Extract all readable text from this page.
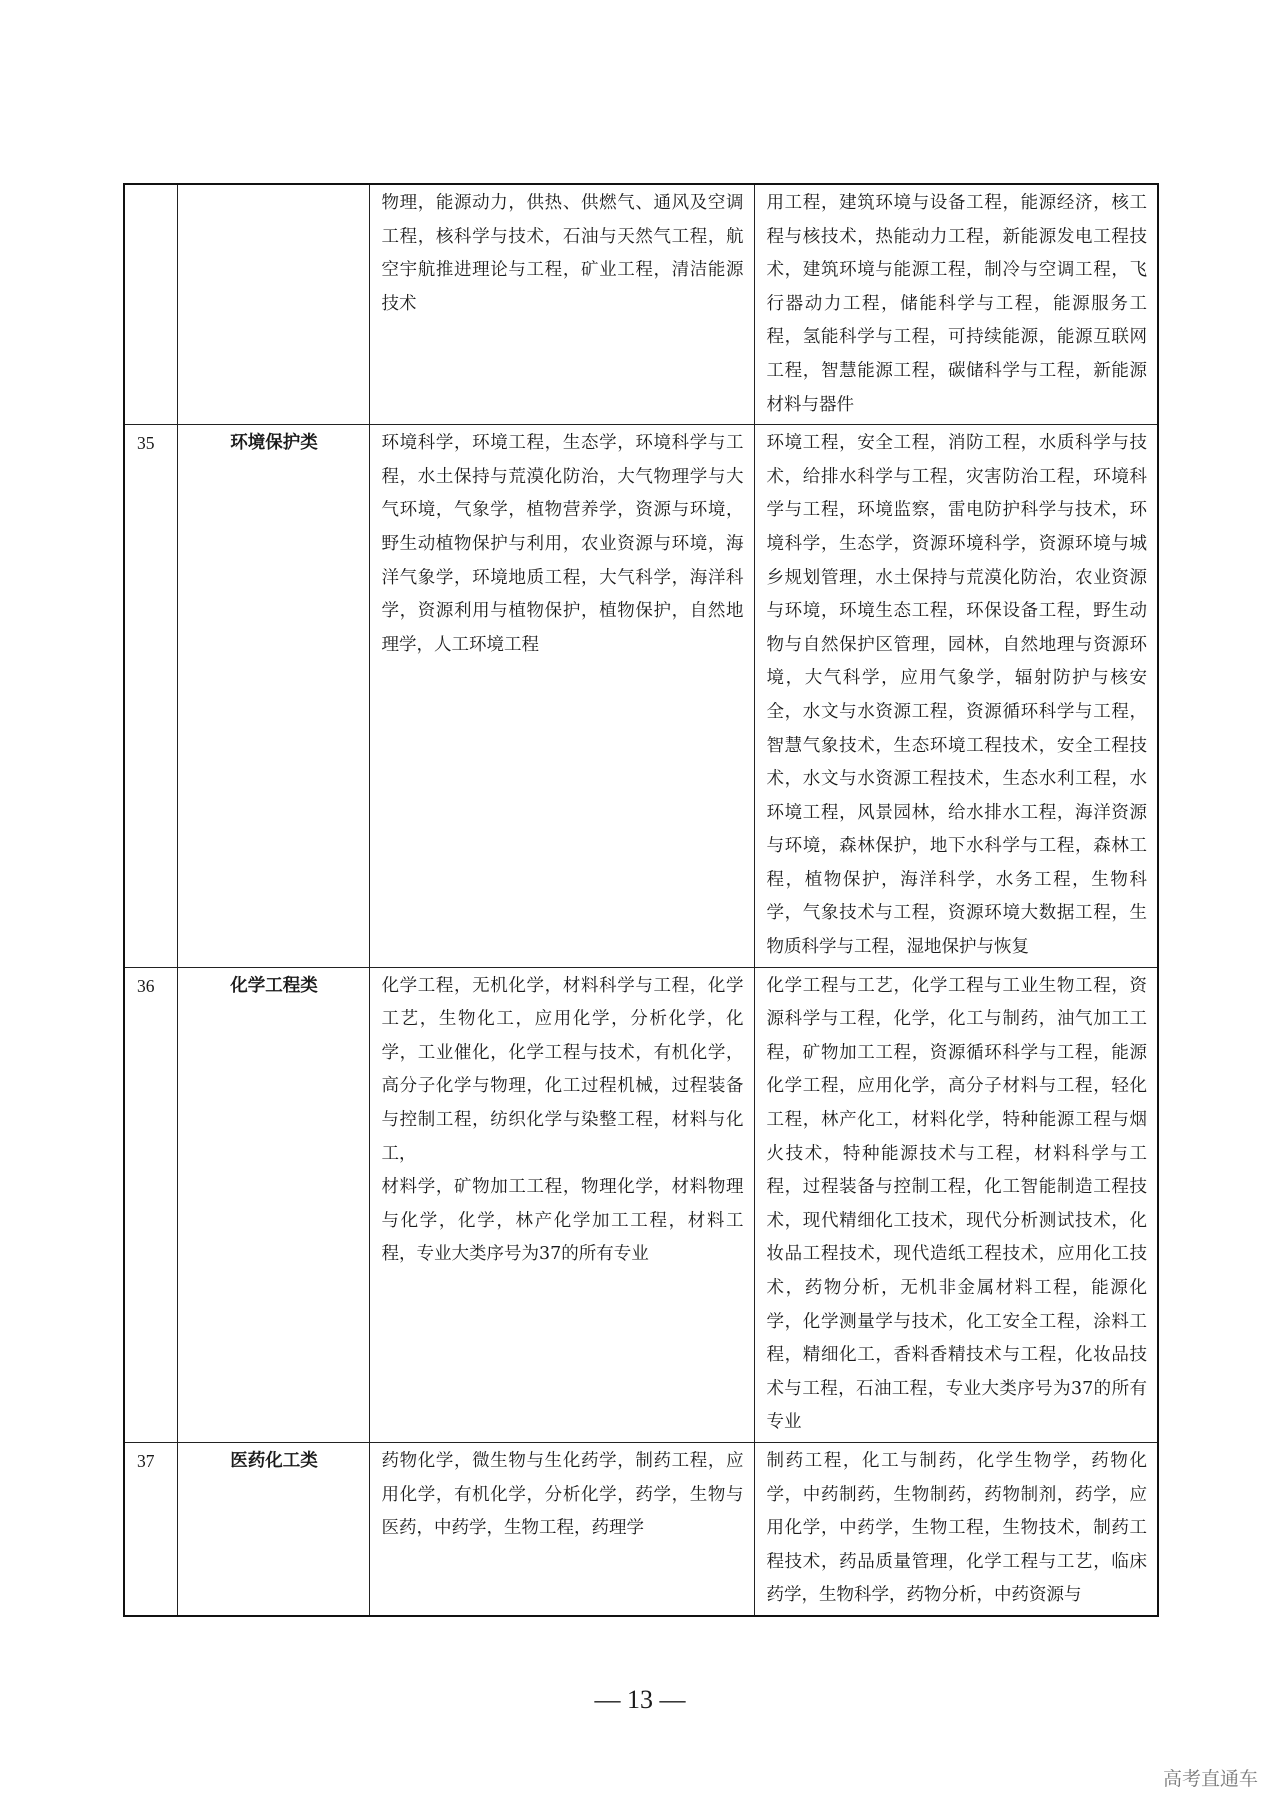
		物理，能源动力，供热、供燃气、通风及空调工程，核科学与技术，石油与天然气工程，航空宇航推进理论与工程，矿业工程，清洁能源技术	用工程，建筑环境与设备工程，能源经济，核工程与核技术，热能动力工程，新能源发电工程技术，建筑环境与能源工程，制冷与空调工程，飞行器动力工程，储能科学与工程，能源服务工程，氢能科学与工程，可持续能源，能源互联网工程，智慧能源工程，碳储科学与工程，新能源材料与器件
35	环境保护类	环境科学，环境工程，生态学，环境科学与工程，水土保持与荒漠化防治，大气物理学与大气环境，气象学，植物营养学，资源与环境，野生动植物保护与利用，农业资源与环境，海洋气象学，环境地质工程，大气科学，海洋科学，资源利用与植物保护，植物保护，自然地理学，人工环境工程	环境工程，安全工程，消防工程，水质科学与技术，给排水科学与工程，灾害防治工程，环境科学与工程，环境监察，雷电防护科学与技术，环境科学，生态学，资源环境科学，资源环境与城乡规划管理，水土保持与荒漠化防治，农业资源与环境，环境生态工程，环保设备工程，野生动物与自然保护区管理，园林，自然地理与资源环境，大气科学，应用气象学，辐射防护与核安全，水文与水资源工程，资源循环科学与工程，智慧气象技术，生态环境工程技术，安全工程技术，水文与水资源工程技术，生态水利工程，水环境工程，风景园林，给水排水工程，海洋资源与环境，森林保护，地下水科学与工程，森林工程，植物保护，海洋科学，水务工程，生物科学，气象技术与工程，资源环境大数据工程，生物质科学与工程，湿地保护与恢复
36	化学工程类	化学工程，无机化学，材料科学与工程，化学工艺，生物化工，应用化学，分析化学，化学，工业催化，化学工程与技术，有机化学，高分子化学与物理，化工过程机械，过程装备与控制工程，纺织化学与染整工程，材料与化工，
材料学，矿物加工工程，物理化学，材料物理与化学，化学，林产化学加工工程，材料工程，专业大类序号为37的所有专业	化学工程与工艺，化学工程与工业生物工程，资源科学与工程，化学，化工与制药，油气加工工程，矿物加工工程，资源循环科学与工程，能源化学工程，应用化学，高分子材料与工程，轻化工程，林产化工，材料化学，特种能源工程与烟火技术，特种能源技术与工程，材料科学与工程，过程装备与控制工程，化工智能制造工程技术，现代精细化工技术，现代分析测试技术，化妆品工程技术，现代造纸工程技术，应用化工技术，药物分析，无机非金属材料工程，能源化学，化学测量学与技术，化工安全工程，涂料工程，精细化工，香料香精技术与工程，化妆品技术与工程，石油工程，专业大类序号为37的所有专业
37	医药化工类	药物化学，微生物与生化药学，制药工程，应用化学，有机化学，分析化学，药学，生物与医药，中药学，生物工程，药理学	制药工程，化工与制药，化学生物学，药物化学，中药制药，生物制药，药物制剂，药学，应用化学，中药学，生物工程，生物技术，制药工程技术，药品质量管理，化学工程与工艺，临床药学，生物科学，药物分析，中药资源与
— 13 —
高考直通车
